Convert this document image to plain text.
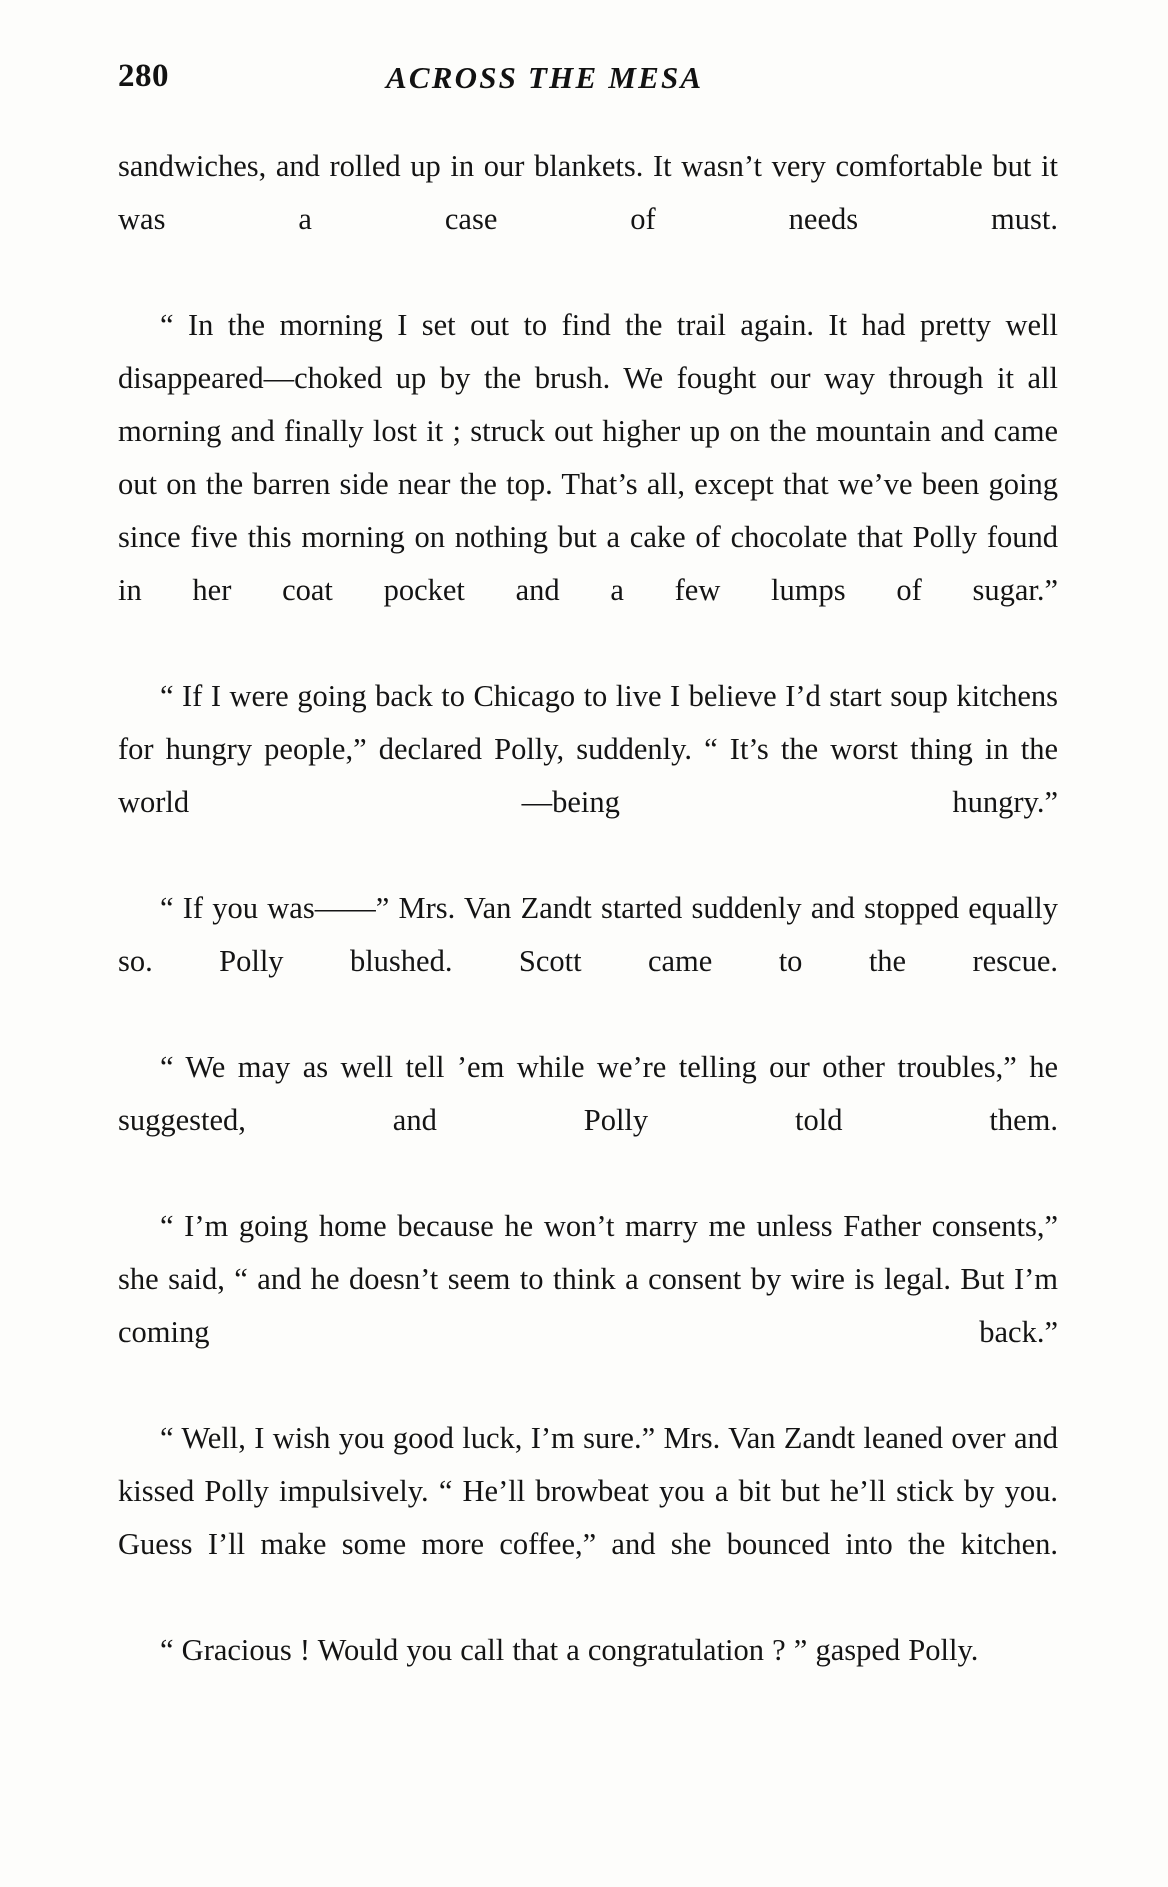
280	ACROSS THE MESA

sandwiches, and rolled up in our blankets. It wasn’t very comfortable but it was a case of needs must.

“ In the morning I set out to find the trail again. It had pretty well disappeared—choked up by the brush. We fought our way through it all morning and finally lost it ; struck out higher up on the mountain and came out on the barren side near the top. That’s all, except that we’ve been going since five this morning on nothing but a cake of chocolate that Polly found in her coat pocket and a few lumps of sugar.”

“ If I were going back to Chicago to live I believe I’d start soup kitchens for hungry people,” declared Polly, suddenly. “ It’s the worst thing in the world —being hungry.”

“ If you was——” Mrs. Van Zandt started suddenly and stopped equally so. Polly blushed. Scott came to the rescue.

“ We may as well tell ’em while we’re telling our other troubles,” he suggested, and Polly told them.

“ I’m going home because he won’t marry me unless Father consents,” she said, “ and he doesn’t seem to think a consent by wire is legal. But I’m coming back.”

“ Well, I wish you good luck, I’m sure.” Mrs. Van Zandt leaned over and kissed Polly impulsively. “ He’ll browbeat you a bit but he’ll stick by you. Guess I’ll make some more coffee,” and she bounced into the kitchen.

“ Gracious ! Would you call that a congratulation ? ” gasped Polly.
